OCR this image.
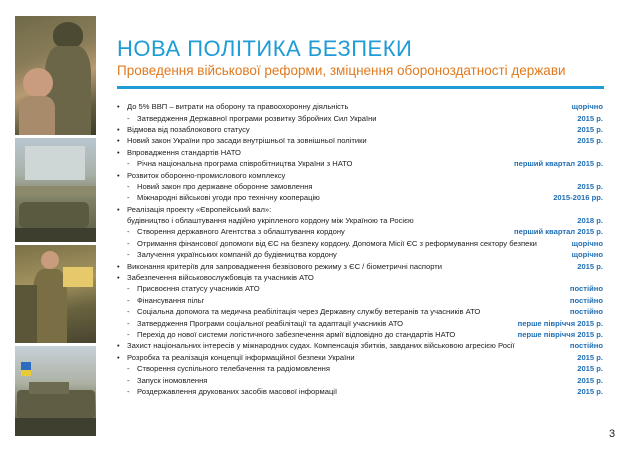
НОВА ПОЛІТИКА БЕЗПЕКИ
Проведення військової реформи, зміцнення обороноздатності держави
• До 5% ВВП – витрати на оборону та правоохоронну діяльність	щорічно
- Затвердження Державної програми розвитку Збройних Сил України	2015 р.
• Відмова від позаблокового статусу	2015 р.
• Новий закон України про засади внутрішньої та зовнішньої політики	2015 р.
• Впровадження стандартів НАТО
- Річна національна програма співробітництва України з НАТО	перший квартал 2015 р.
• Розвиток оборонно-промислового комплексу
- Новий закон про державне оборонне замовлення	2015 р.
- Міжнародні військові угоди про технічну кооперацію	2015-2016 рр.
• Реалізація проекту «Європейський вал»:
будівництво і облаштування надійно укріпленого кордону між Україною та Росією	2018 р.
- Створення державного Агентства з облаштування кордону	перший квартал 2015 р.
- Отримання фінансової допомоги від ЄС на безпеку кордону. Допомога Місії ЄС з реформування сектору безпеки	щорічно
- Залучення українських компаній до будівництва кордону	щорічно
• Виконання критеріїв для запровадження безвізового режиму з ЄС / біометричні паспорти	2015 р.
• Забезпечення військовослужбовців та учасників АТО
- Присвоєння статусу учасників АТО	постійно
- Фінансування пільг	постійно
- Соціальна допомога та медична реабілітація через Державну службу ветеранів та учасників АТО	постійно
- Затвердження Програми соціальної реабілітації та адаптації учасників АТО	перше півріччя 2015 р.
- Перехід до нової системи логістичного забезпечення армії відповідно до стандартів НАТО	перше півріччя 2015 р.
• Захист національних інтересів у міжнародних судах. Компенсація збитків, завданих військовою агресією Росії	постійно
• Розробка та реалізація концепції інформаційної безпеки України	2015 р.
- Створення суспільного телебачення та радіомовлення	2015 р.
- Запуск іномовлення	2015 р.
- Роздержавлення друкованих засобів масової інформації	2015 р.
3
